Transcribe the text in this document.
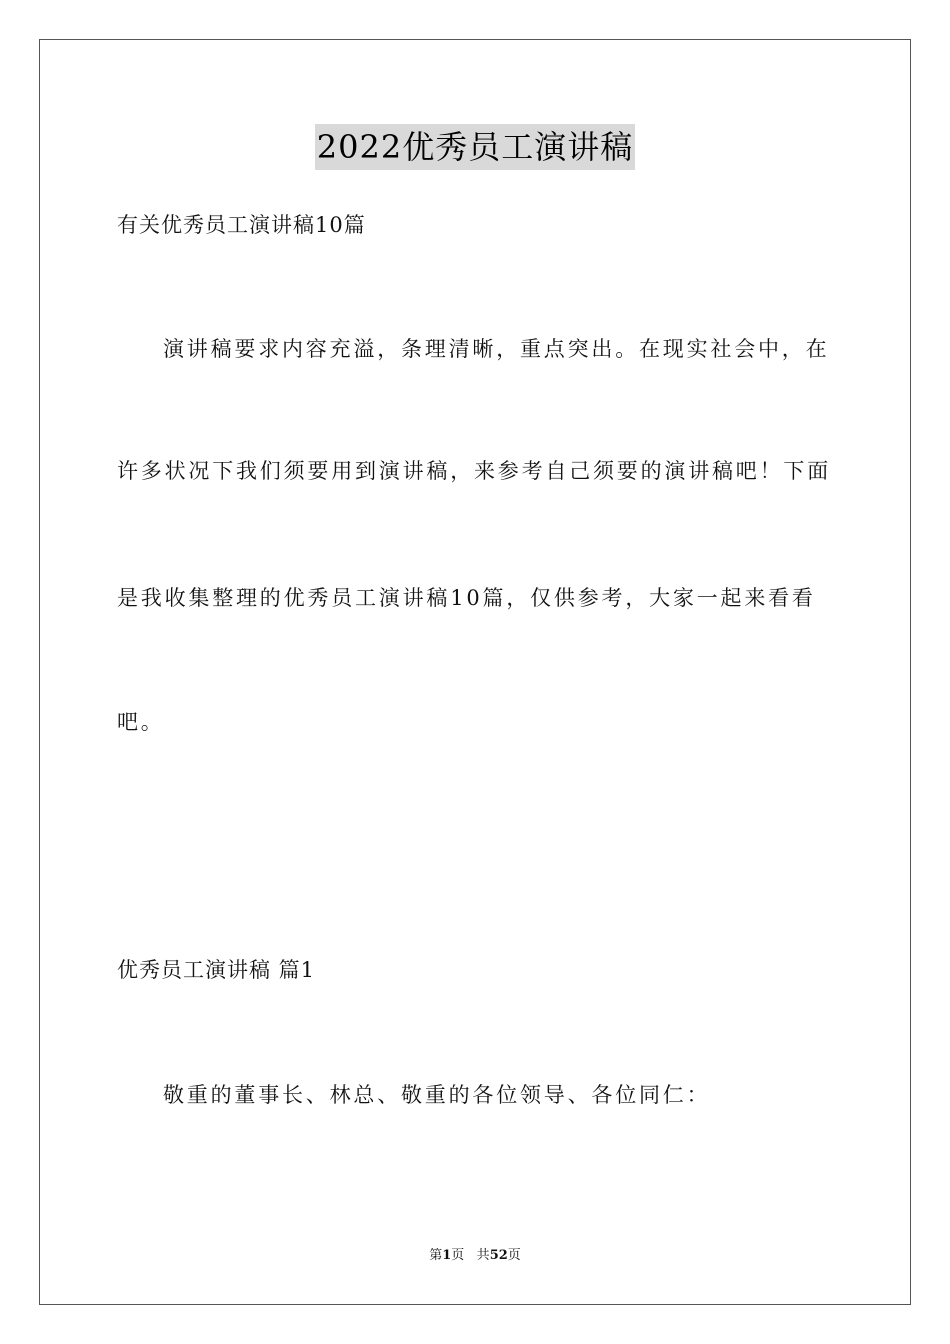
2022优秀员工演讲稿
有关优秀员工演讲稿10篇
演讲稿要求内容充溢，条理清晰，重点突出。在现实社会中，在
许多状况下我们须要用到演讲稿，来参考自己须要的演讲稿吧！下面
是我收集整理的优秀员工演讲稿10篇，仅供参考，大家一起来看看
吧。
优秀员工演讲稿 篇1
敬重的董事长、林总、敬重的各位领导、各位同仁：
第1页 共52页
